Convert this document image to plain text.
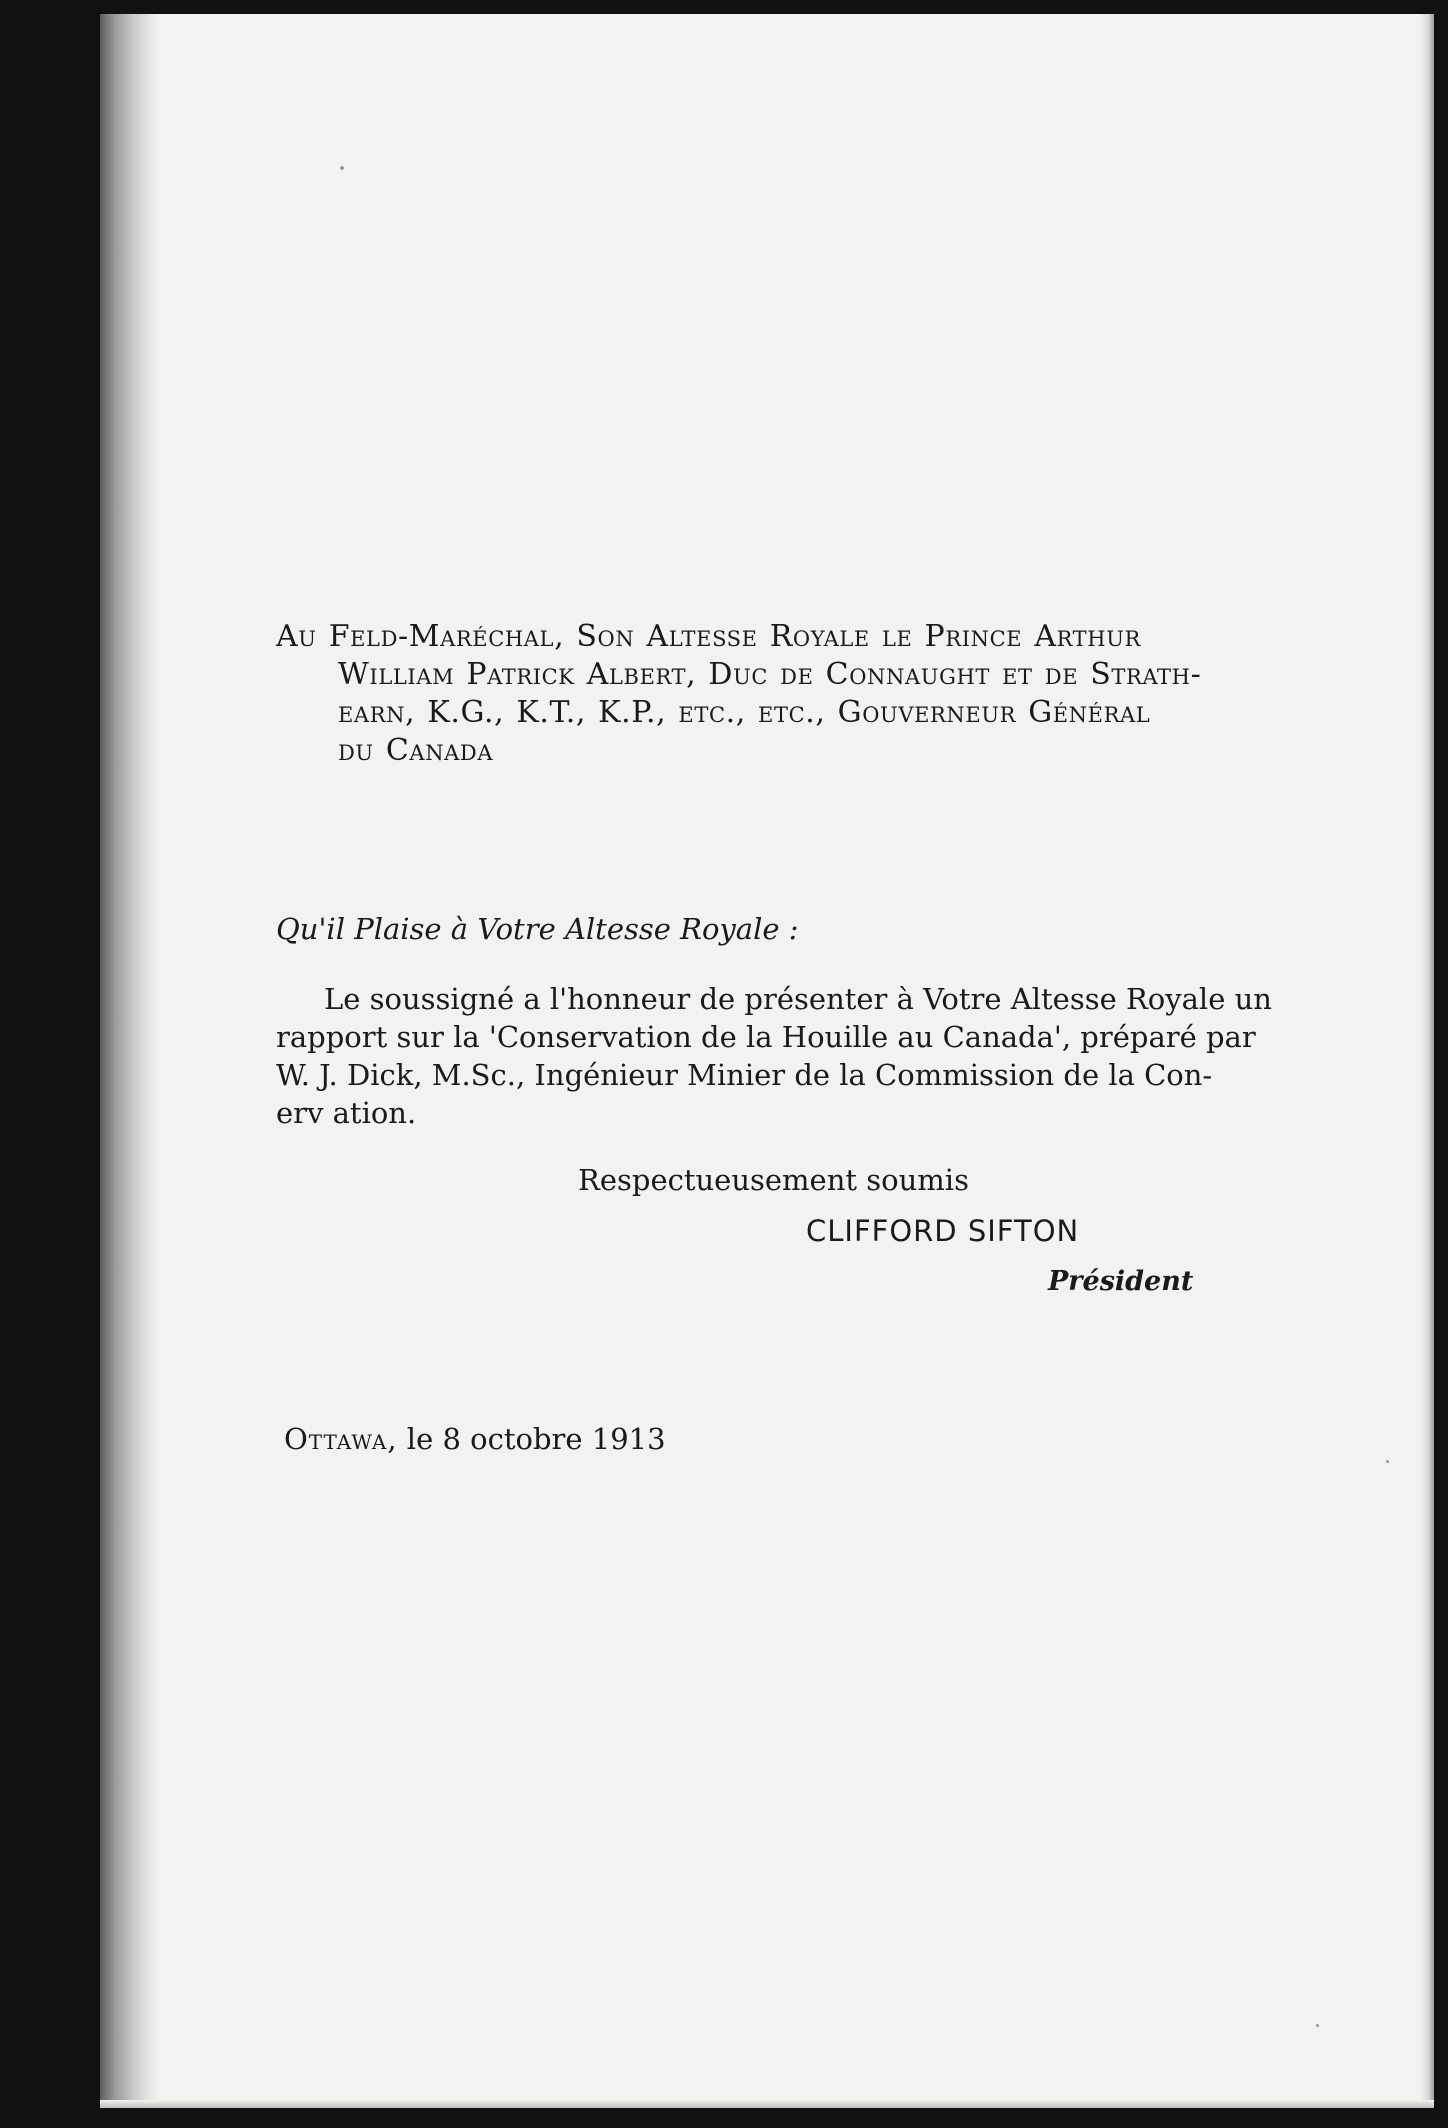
Au Feld-Maréchal, Son Altesse Royale le Prince Arthur
William Patrick Albert, Duc de Connaught et de Strath-
earn, K.G., K.T., K.P., etc., etc., Gouverneur Général
du Canada
Qu'il Plaise à Votre Altesse Royale :
Le soussigné a l'honneur de présenter à Votre Altesse Royale un
rapport sur la 'Conservation de la Houille au Canada', préparé par
W. J. Dick, M.Sc., Ingénieur Minier de la Commission de la Con-
erv ation.
Respectueusement soumis
CLIFFORD SIFTON
Président
Ottawa, le 8 octobre 1913
